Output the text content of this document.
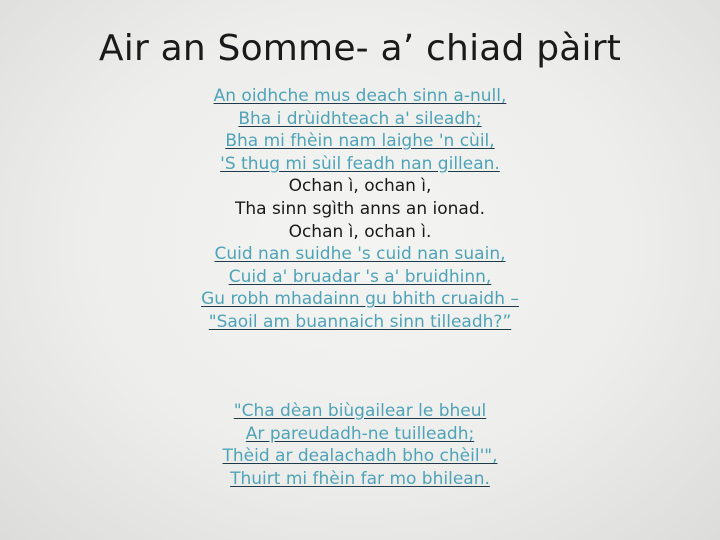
Air an Somme- a’ chiad pàirt
An oidhche mus deach sinn a-null,
Bha i drùidhteach a' sileadh;
Bha mi fhèin nam laighe 'n cùil,
'S thug mi sùil feadh nan gillean.
Ochan ì, ochan ì,
Tha sinn sgìth anns an ionad.
Ochan ì, ochan ì.
Cuid nan suidhe 's cuid nan suain,
Cuid a' bruadar 's a' bruidhinn,
Gu robh mhadainn gu bhith cruaidh –
"Saoil am buannaich sinn tilleadh?”
"Cha dèan biùgailear le bheul
Ar pareudadh-ne tuilleadh;
Thèid ar dealachadh bho chèil'",
Thuirt mi fhèin far mo bhilean.
